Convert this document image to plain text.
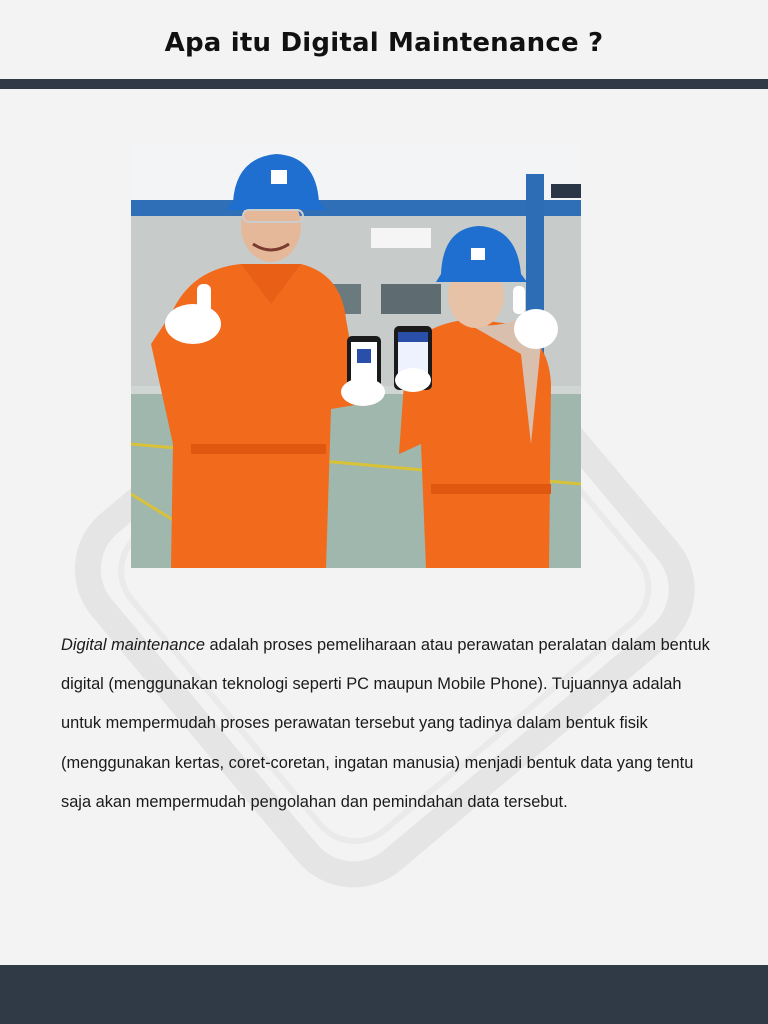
Apa itu Digital Maintenance ?
Digital maintenance adalah proses pemeliharaan atau perawatan peralatan dalam bentuk digital (menggunakan teknologi seperti PC maupun Mobile Phone). Tujuannya adalah untuk mempermudah proses perawatan tersebut yang tadinya dalam bentuk fisik (menggunakan kertas, coret-coretan, ingatan manusia) menjadi bentuk data yang tentu saja akan mempermudah pengolahan dan pemindahan data tersebut.
